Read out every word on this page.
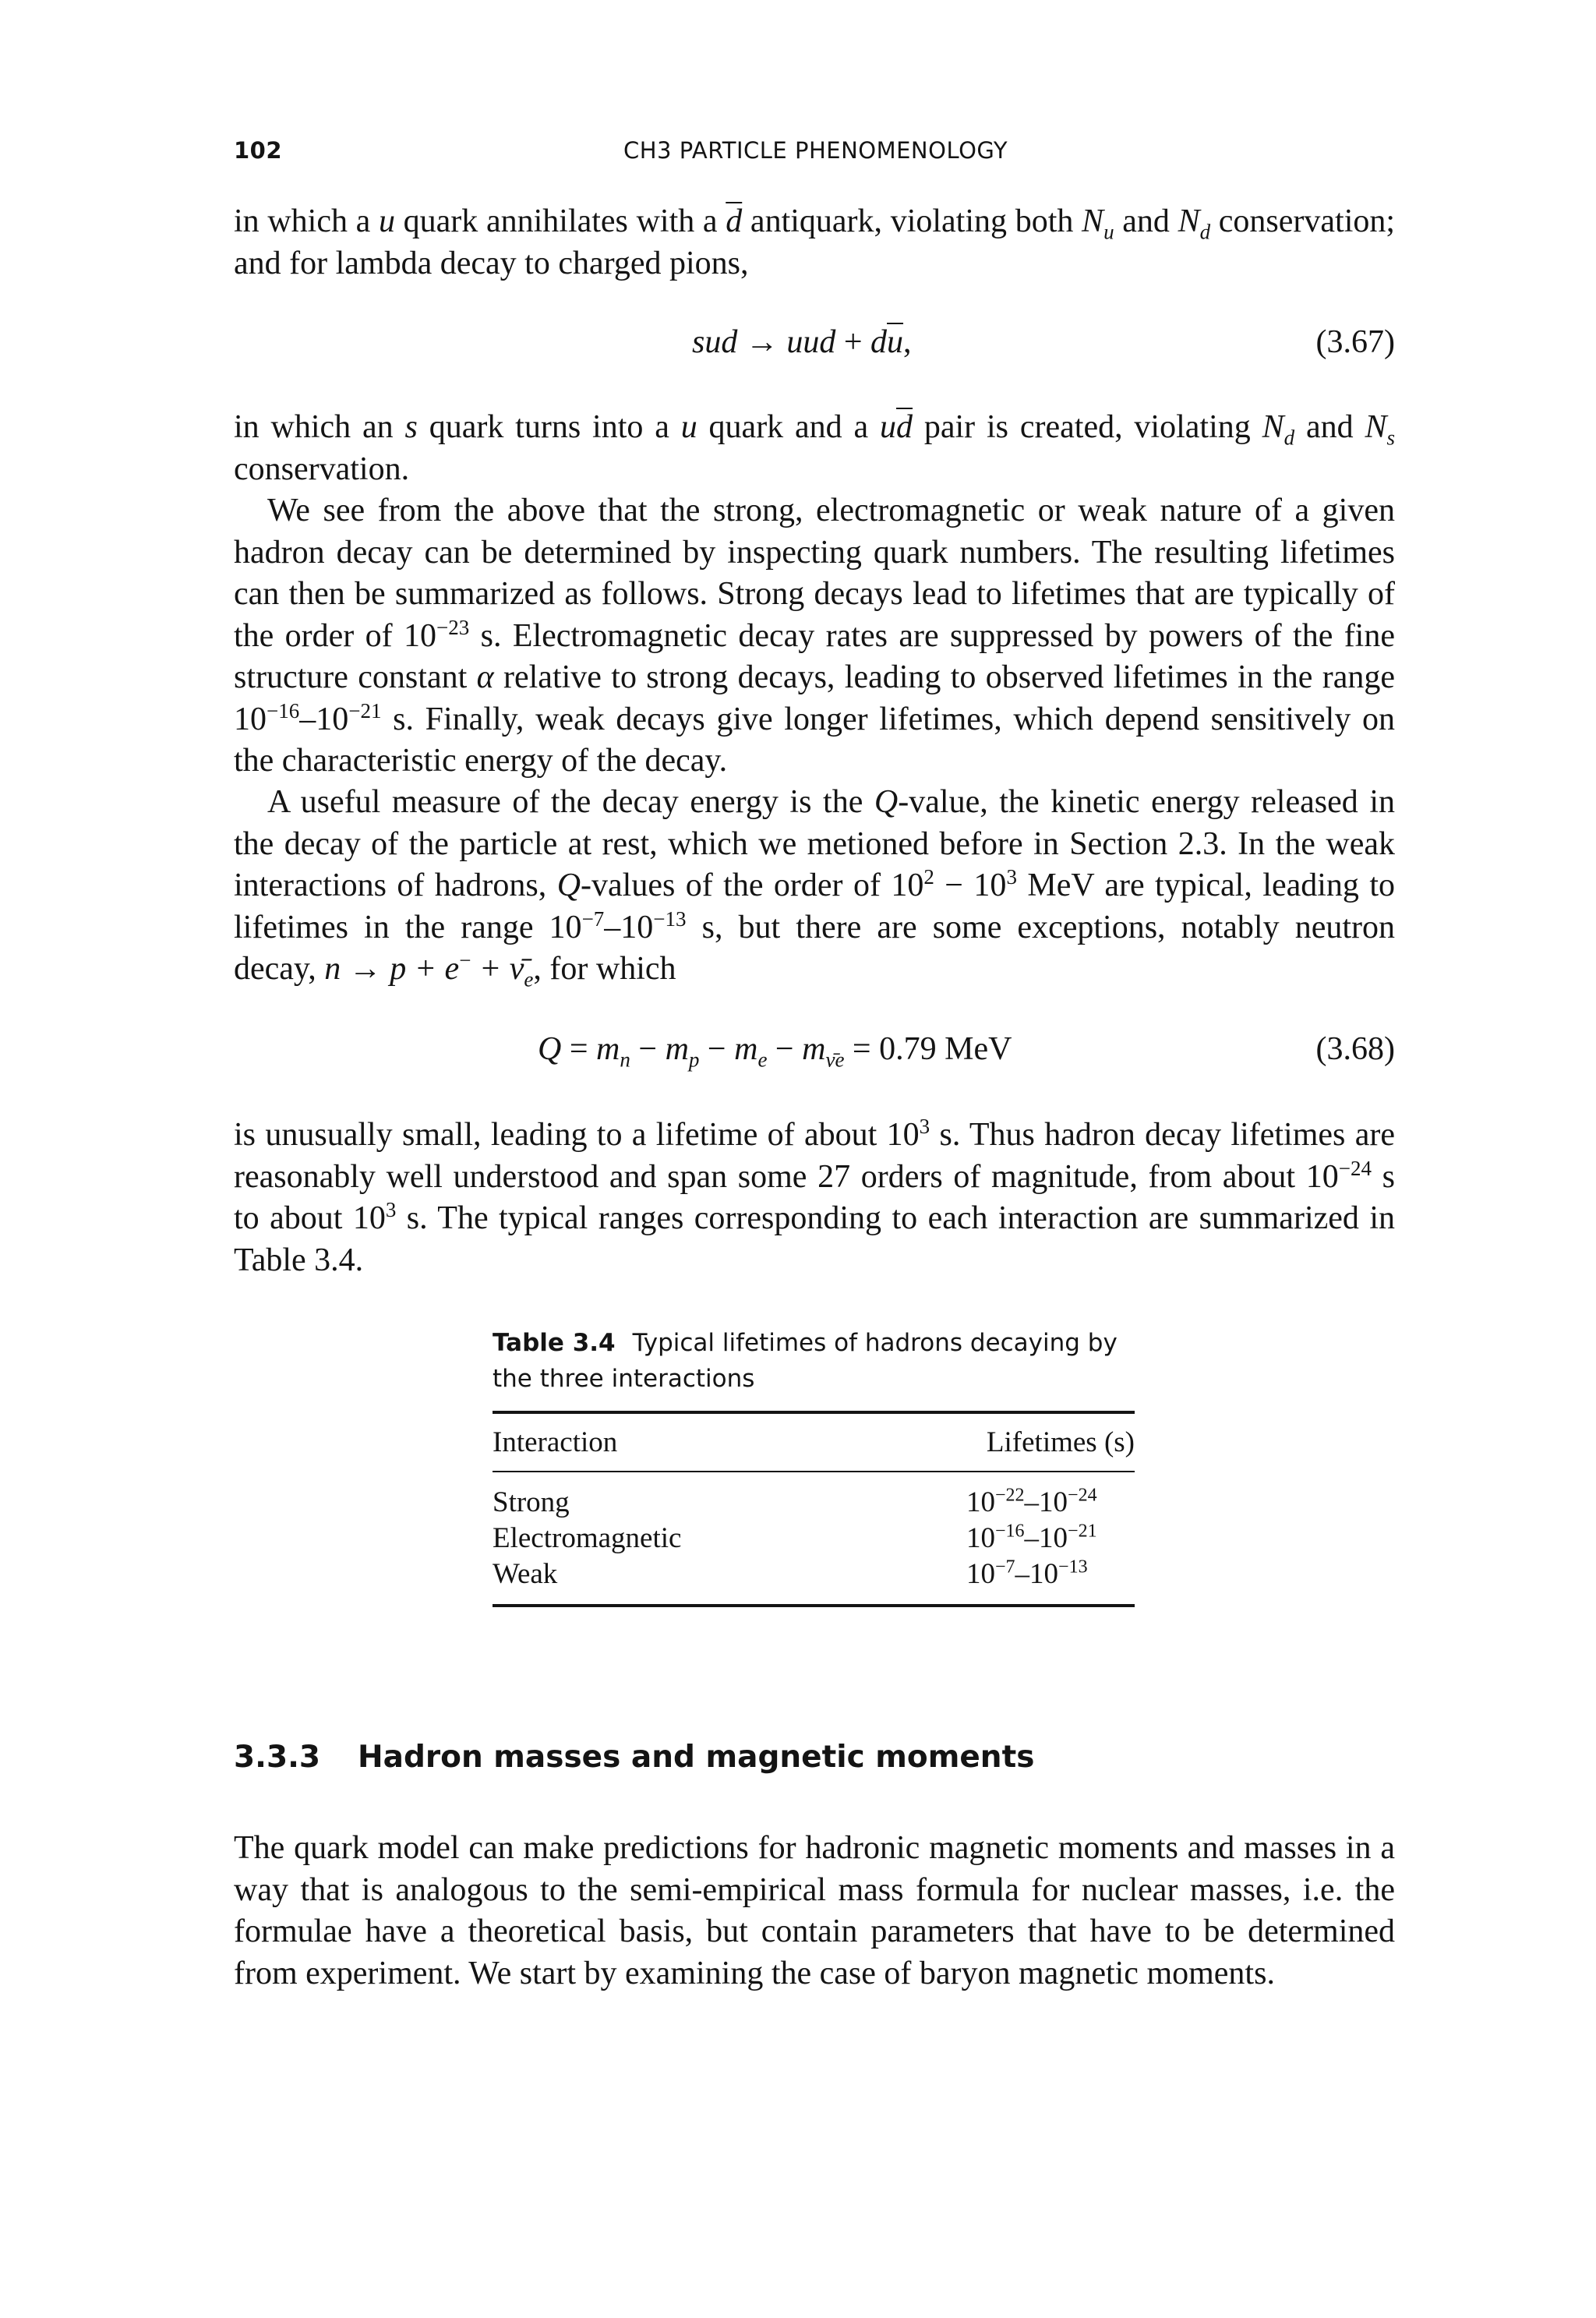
102	CH3 PARTICLE PHENOMENOLOGY

in which a u quark annihilates with a $\overline{d}$ antiquark, violating both $N_u$ and $N_d$ conservation; and for lambda decay to charged pions,

sud → uud + $d\overline{u}$,	(3.67)

in which an s quark turns into a u quark and a $u\overline{d}$ pair is created, violating $N_d$ and $N_s$ conservation.

We see from the above that the strong, electromagnetic or weak nature of a given hadron decay can be determined by inspecting quark numbers. The resulting lifetimes can then be summarized as follows. Strong decays lead to lifetimes that are typically of the order of $10^{-23}$ s. Electromagnetic decay rates are suppressed by powers of the fine structure constant α relative to strong decays, leading to observed lifetimes in the range $10^{-16}-10^{-21}$ s. Finally, weak decays give longer lifetimes, which depend sensitively on the characteristic energy of the decay.

A useful measure of the decay energy is the Q-value, the kinetic energy released in the decay of the particle at rest, which we metioned before in Section 2.3. In the weak interactions of hadrons, Q-values of the order of $10^2 - 10^3$ MeV are typical, leading to lifetimes in the range $10^{-7}-10^{-13}$ s, but there are some exceptions, notably neutron decay, $n \to p + e^- + \nū_e$, for which

$Q = m_n - m_p - m_e - m_{\nūe} = 0.79$ MeV	(3.68)

is unusually small, leading to a lifetime of about $10^3$ s. Thus hadron decay lifetimes are reasonably well understood and span some 27 orders of magnitude, from about $10^{-24}$ s to about $10^3$ s. The typical ranges corresponding to each interaction are summarized in Table 3.4.

Table 3.4 Typical lifetimes of hadrons decaying by the three interactions
Interaction	Lifetimes (s)
Strong	$10^{-22}-10^{-24}$
Electromagnetic	$10^{-16}-10^{-21}$
Weak	$10^{-7}-10^{-13}$
3.3.3 Hadron masses and magnetic moments

The quark model can make predictions for hadronic magnetic moments and masses in a way that is analogous to the semi-empirical mass formula for nuclear masses, i.e. the formulae have a theoretical basis, but contain parameters that have to be determined from experiment. We start by examining the case of baryon magnetic moments.
